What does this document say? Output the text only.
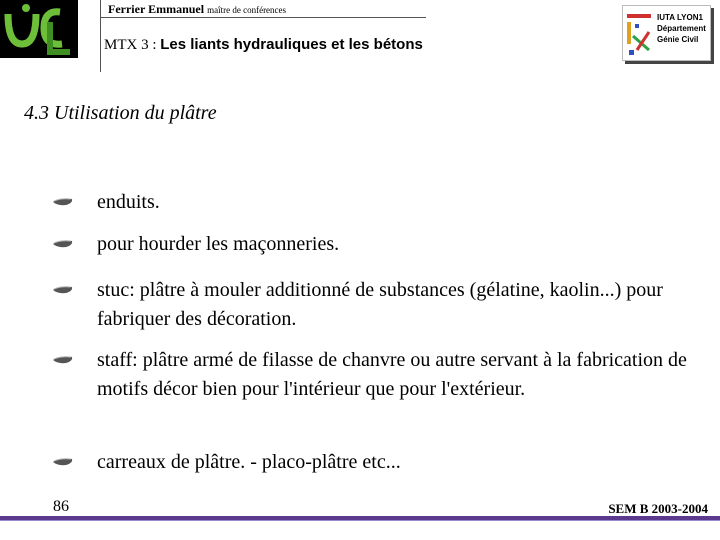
Ferrier Emmanuel maître de conférences
MTX 3 : Les liants hydrauliques et les bétons
IUTA LYON1
Département
Génie Civil
4.3 Utilisation du plâtre
enduits.
pour hourder les maçonneries.
stuc: plâtre à mouler additionné de substances (gélatine, kaolin...) pour fabriquer des décoration.
staff: plâtre armé de filasse de chanvre ou autre servant à la fabrication de motifs décor bien pour l'intérieur que pour l'extérieur.
carreaux de plâtre. - placo-plâtre etc...
86	SEM B 2003-2004
